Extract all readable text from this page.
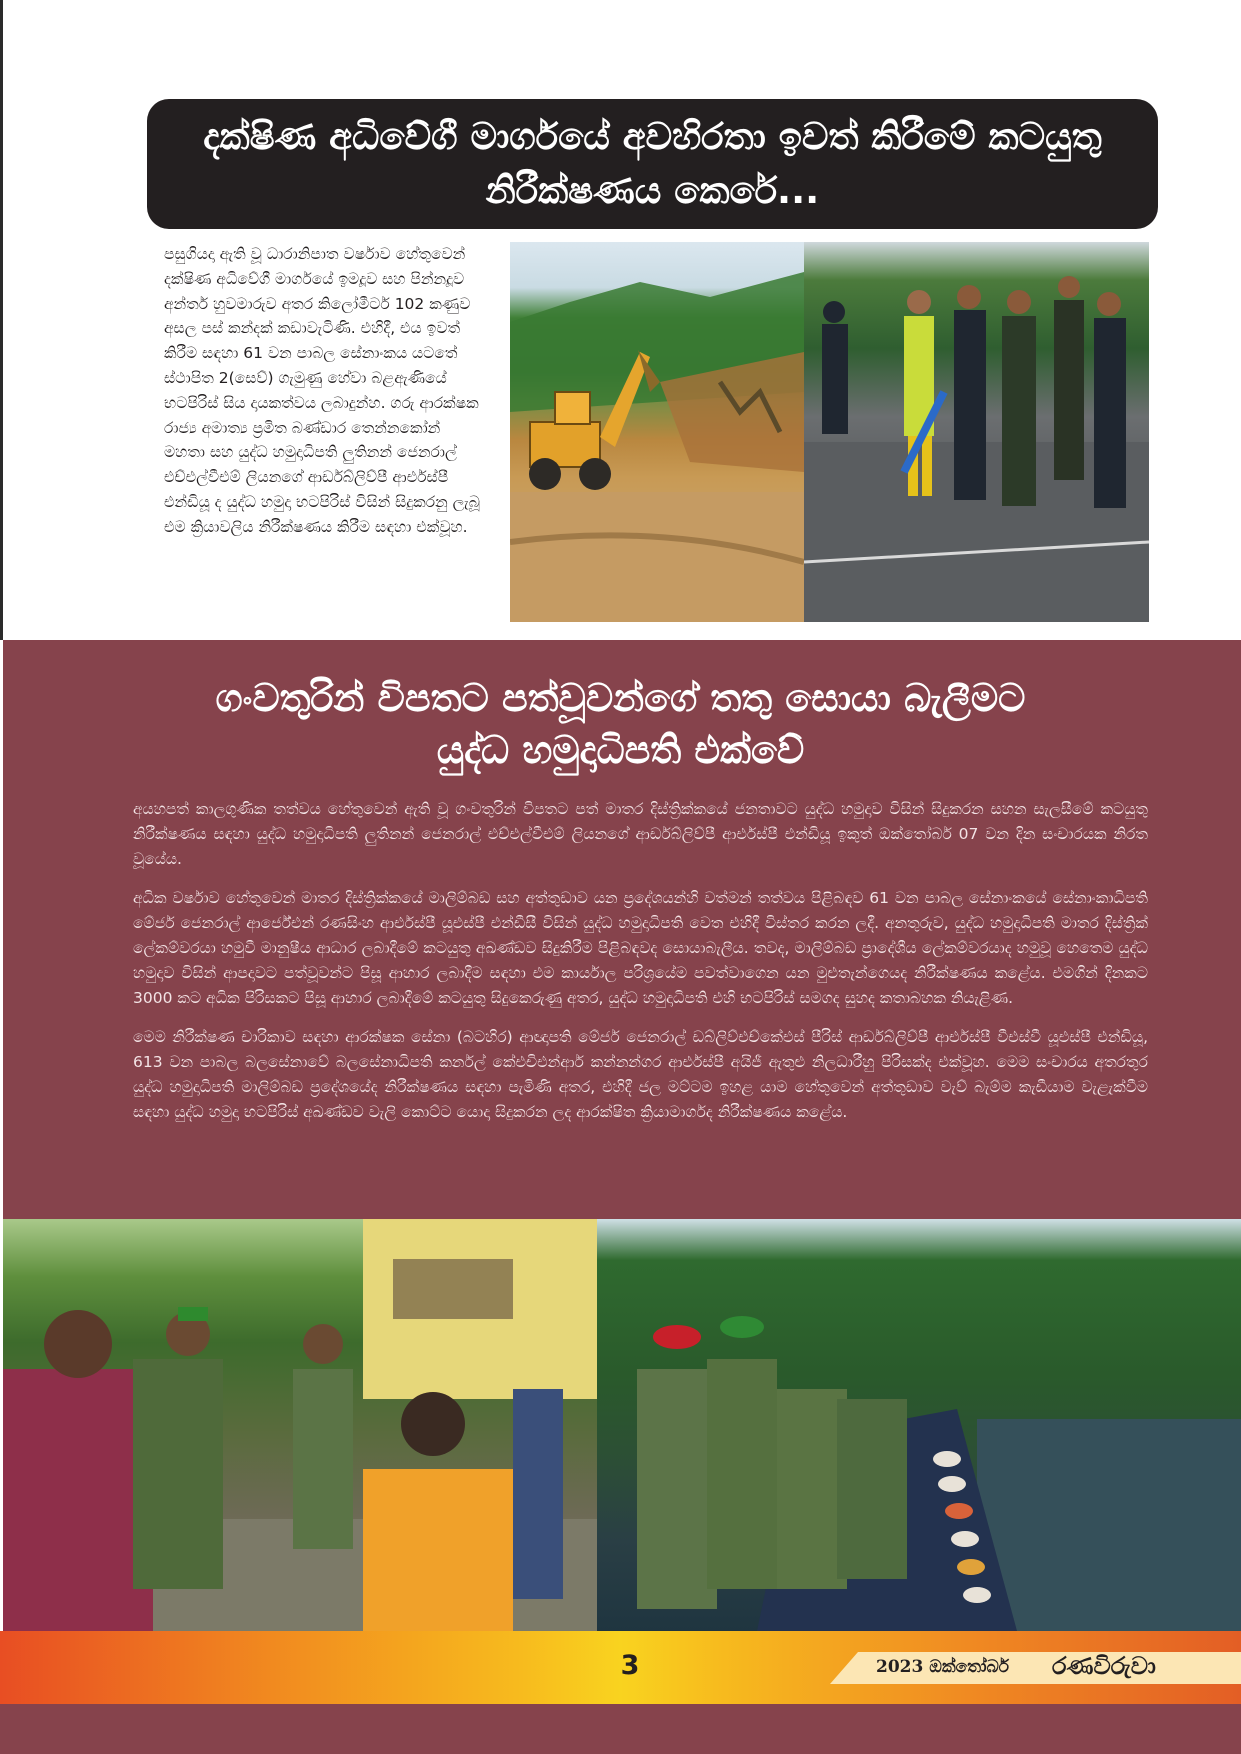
දක්ෂිණ අධිවේගී මාර්ගයේ අවහිරතා ඉවත් කිරීමේ කටයුතු
නිරීක්ෂණය කෙරේ...
පසුගියදා ඇති වූ ධාරානිපාත වර්ෂාව හේතුවෙන් දක්ෂිණ අධිවේගී මාර්ගයේ ඉමදූව සහ පින්නදූව අන්තර් හුවමාරුව අතර කිලෝමීටර් 102 කණුව අසල පස් කන්දක් කඩාවැටිණි. එහිදී, එය ඉවත් කිරීම සඳහා 61 වන පාබල සේනාංකය යටතේ ස්ථාපිත 2(සෙව්) ගැමුණු හේවා බළඇණියේ භටපිරිස් සිය දායකත්වය ලබාදුන්හ. ගරු ආරක්ෂක රාජ්‍ය අමාත්‍ය ප්‍රමිත බණ්ඩාර තෙන්නකෝන් මහතා සහ යුද්ධ හමුදාධිපති ලුතිනන් ජෙනරාල් එච්එල්වීඑම් ලියනගේ ආර්ඩබ්ලිව්පී ආර්එස්පී එන්ඩියූ ද යුද්ධ හමුදා භටපිරිස් විසින් සිදුකරනු ලැබූ එම ක්‍රියාවලිය නිරීක්ෂණය කිරීම සඳහා එක්වූහ.
ගංවතුරින් විපතට පත්වූවන්ගේ තතු සොයා බැලීමට
යුද්ධ හමුදාධිපති එක්වේ

අයහපත් කාලගුණික තත්වය හේතුවෙන් ඇති වූ ගංවතුරින් විපතට පත් මාතර දිස්ත්‍රික්කයේ ජනතාවට යුද්ධ හමුදාව විසින් සිදුකරන සහන සැලසීමේ කටයුතු නිරීක්ෂණය සඳහා යුද්ධ හමුදාධිපති ලුතිනන් ජෙනරාල් එච්එල්වීඑම් ලියනගේ ආර්ඩබ්ලිව්පී ආර්එස්පී එන්ඩියූ ඉකුත් ඔක්තෝබර් 07 වන දින සංචාරයක නිරත වූයේය.

අධික වර්ෂාව හේතුවෙන් මාතර දිස්ත්‍රික්කයේ මාලිම්බඩ සහ අත්තුඩාව යන ප්‍රදේශයන්හි වත්මන් තත්වය පිළිබඳව 61 වන පාබල සේනාංකයේ සේනාංකාධිපති මේජර් ජෙනරාල් ආර්ජේඑන් රණසිංහ ආර්එස්පී යූඑස්පී එන්ඩීසී විසින් යුද්ධ හමුදාධිපති වෙත එහිදී විස්තර කරන ලදී. අනතුරුව, යුද්ධ හමුදාධිපති මාතර දිස්ත්‍රික් ලේකම්වරයා හමුවී මානුෂීය ආධාර ලබාදීමේ කටයුතු අඛණ්ඩව සිදුකිරීම පිළිබඳවද සොයාබැලීය. තවද, මාලිම්බඩ ප්‍රාදේශීය ලේකම්වරයාද හමුවූ හෙතෙම යුද්ධ හමුදාව විසින් ආපදාවට පත්වූවන්ට පිසූ ආහාර ලබාදීම සඳහා එම කාර්යාල පරිශ්‍රයේම පවත්වාගෙන යන මුළුතැන්ගෙයද නිරීක්ෂණය කළේය. එමගින් දිනකට 3000 කට අධික පිරිසකට පිසූ ආහාර ලබාදීමේ කටයුතු සිදුකෙරුණු අතර, යුද්ධ හමුදාධිපති එහි භටපිරිස් සමගද සුහද කතාබහක නියැළිණ.

මෙම නිරීක්ෂණ චාරිකාව සඳහා ආරක්ෂක සේනා (බටහිර) ආඥාපති මේජර් ජෙනරාල් ඩබ්ලිව්එච්කේඑස් පීරිස් ආර්ඩබ්ලිව්පී ආර්එස්පී වීඑස්වී යූඑස්පී එන්ඩියූ, 613 වන පාබල බලසේනාවේ බලසේනාධිපති කර්නල් කේඑචිඑන්ආර් කන්නන්ගර ආර්එස්පී අයිජී ඇතුළු නිලධාරීහු පිරිසක්ද එක්වූහ. මෙම සංචාරය අතරතුර යුද්ධ හමුදාධිපති මාලිම්බඩ ප්‍රදේශයේද නිරීක්ෂණය සඳහා පැමිණි අතර, එහිදී ජල මට්ටම ඉහළ යාම හේතුවෙන් අත්තුඩාව වැව් බැම්ම කැඩීයාම වැළැක්වීම සඳහා යුද්ධ හමුදා භටපිරිස් අඛණ්ඩව වැලි කොට්ට යොදා සිදුකරන ලද ආරක්ෂිත ක්‍රියාමාර්ගද නිරීක්ෂණය කළේය.

3	2023 ඔක්තෝබර් රණවිරුවා
